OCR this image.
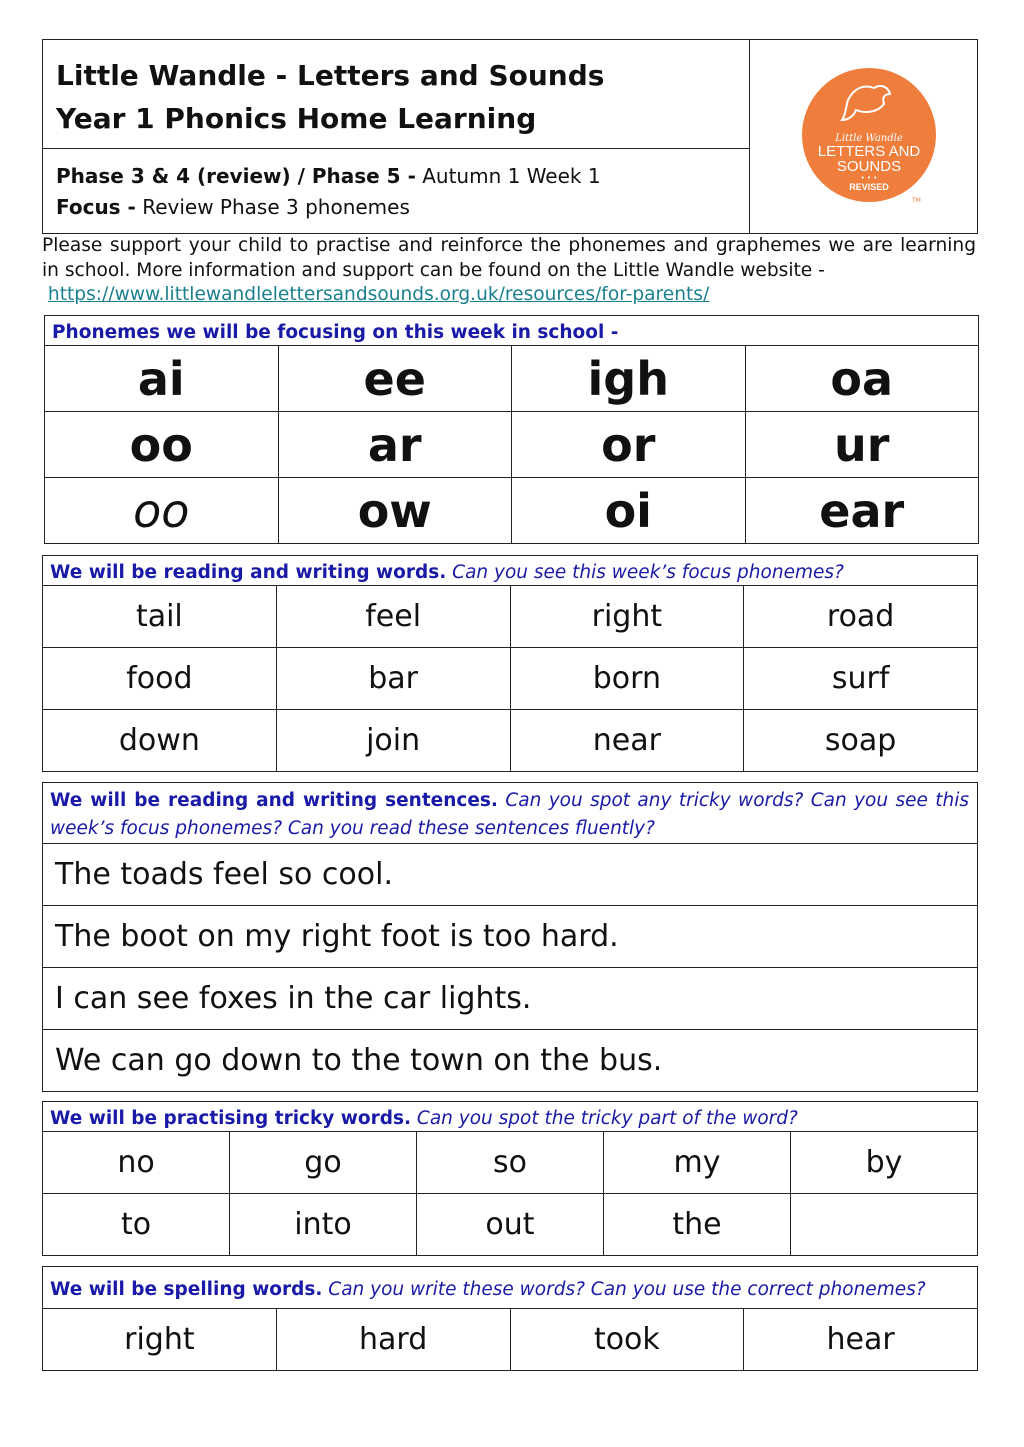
Little Wandle - Letters and Sounds
Year 1 Phonics Home Learning
Phase 3 & 4 (review) / Phase 5 - Autumn 1 Week 1
Focus - Review Phase 3 phonemes
Little Wandle
LETTERS AND
SOUNDS
• • •
REVISED
TM
Please support your child to practise and reinforce the phonemes and graphemes we are learning in school. More information and support can be found on the Little Wandle website -
https://www.littlewandlelettersandsounds.org.uk/resources/for-parents/
Phonemes we will be focusing on this week in school -			
ai	ee	igh	oa
oo	ar	or	ur
oo	ow	oi	ear
We will be reading and writing words. Can you see this week’s focus phonemes?			
tail	feel	right	road
food	bar	born	surf
down	join	near	soap
We will be reading and writing sentences. Can you spot any tricky words? Can you see this week’s focus phonemes? Can you read these sentences fluently?
The toads feel so cool.
The boot on my right foot is too hard.
I can see foxes in the car lights.
We can go down to the town on the bus.
We will be practising tricky words. Can you spot the tricky part of the word?				
no	go	so	my	by
to	into	out	the	
We will be spelling words. Can you write these words? Can you use the correct phonemes?
right	hard	took	hear
